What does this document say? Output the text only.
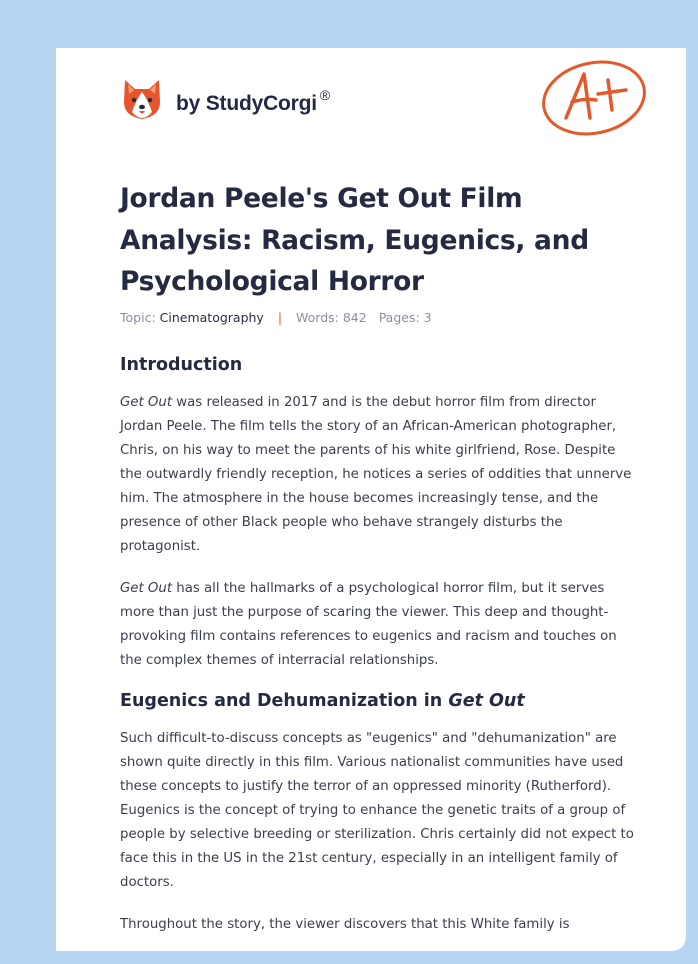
by StudyCorgi ®
Jordan Peele's Get Out Film Analysis: Racism, Eugenics, and Psychological Horror
Topic: Cinematography | Words: 842 Pages: 3
Introduction

Get Out was released in 2017 and is the debut horror film from director Jordan Peele. The film tells the story of an African-American photographer, Chris, on his way to meet the parents of his white girlfriend, Rose. Despite the outwardly friendly reception, he notices a series of oddities that unnerve him. The atmosphere in the house becomes increasingly tense, and the presence of other Black people who behave strangely disturbs the protagonist.

Get Out has all the hallmarks of a psychological horror film, but it serves more than just the purpose of scaring the viewer. This deep and thought-provoking film contains references to eugenics and racism and touches on the complex themes of interracial relationships.

Eugenics and Dehumanization in Get Out

Such difficult-to-discuss concepts as "eugenics" and "dehumanization" are shown quite directly in this film. Various nationalist communities have used these concepts to justify the terror of an oppressed minority (Rutherford). Eugenics is the concept of trying to enhance the genetic traits of a group of people by selective breeding or sterilization. Chris certainly did not expect to face this in the US in the 21st century, especially in an intelligent family of doctors.

Throughout the story, the viewer discovers that this White family is
